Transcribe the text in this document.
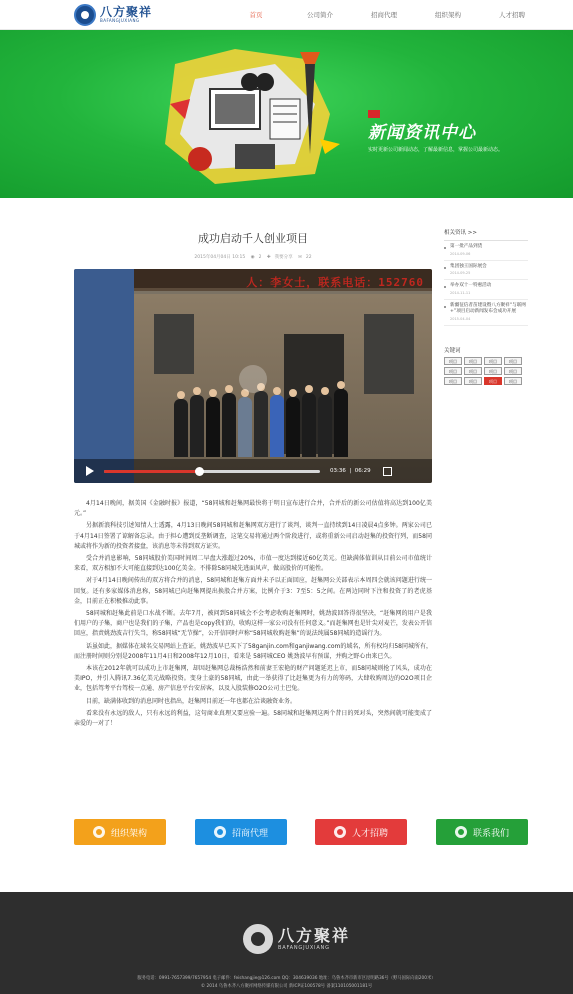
八方聚祥
BAFANGJUXIANG
首页	公司简介	招商代理	组织架构	人才招聘
新闻资讯中心
实时更新公司新闻动态，了解最新信息，掌握公司最新动态。
成功启动千人创业项目
2015年04月04日 10:15 ◉ 2 ✚ 我要分享 ✉ 22
人：李女士，联系电话：152760
03:36  |  06:29

4月14日晚间，据美国《金融时报》报道，“58同城和赶集网最快将于明日宣布进行合并，合并后的新公司估值将高达到100亿美元。”

另据新浪科技引述知情人士透露，4月13日晚间58同城和赶集网双方进行了谈判，谈判一直持续到14日凌晨4点多钟。两家公司已于4月14日签署了谅解备忘录。由于担心遭到反垄断调查，这笔交易将通过两个阶段进行，或将重新公司启动赶集的投资行列，而58同城或将作为新的投资者接盘，该消息等未得到双方证实。

受合并消息影响，58同城股价美国时间周二早盘大涨超过20%，市值一度达到接近60亿美元。但缺满体值训从目前公司市值统计来看，双方相加不大可能直接到达100亿美金。不排除58同城先逃面风声，做高股价的可能性。

对于4月14日晚间传出的双方将合并的消息，58同城和赶集方面并未予以正面回应，赶集网公关部表示本周四会就该问题进行统一回复。还有多家媒体消息称，58同城已向赶集网提出换股合并方案，比例介于3：7至5：5之间。在两边同时下注和投资了的老虎基金，目前正在积极推动此事。

58同城和赶集此前是口水战不断。去年7月，被问到58同城会不会考虑收购赶集网时，姚劲波回答得很坚决，“赶集网的用户是我们用户的子集，商户也是我们的子集，产品也是copy我们的，收购这样一家公司没有任何意义。”而赶集网也是针尖对麦芒，发表公开信回应，指责姚劲波吉行失当，称58同城“无节操”，公开信同时声称“58同城收购赶集”的说法纯属58同城的造谣行为。

话虽如此，据媒体在域名交易网站上查证，姚劲波早已买下了58ganjin.com和ganjiwang.com的域名，所有权均归58同城所有，而注册时间则分别是2008年11月4日和2008年12月10日，看来是 58同城CEO 姚劲波早有预谋，并购之野心由来已久。

本该在2012年就可以成功上市赶集网，却因赶集网总裁杨浩然和前妻王宏艳的财产问题延迟上市，而58同城则抢了风头，成功在美IPO，并引入腾讯7.36亿美元战略投资。变身土豪的58同城，由此一举获得了比赶集更为有力的筹码，大肆收购周边的O2O项目企业，包括驾考平台驾校一点通、房产信息平台安居客，以及入股装修O2O公司土巴兔。

目前，缺满体收到的消息同时也指出，赶集网目前还一年也都在洽谈融资业务。

看来没有永远的敌人，只有永远的利益，这句商业真理又要应验一遍。58同城和赶集网这两个昔日的死对头，突然间就可能变成了亲爱的一对了！

相关资讯 >>
第一批产品到货
2014-09-06
集团独王国际展会
2014-09-25
举办双十一特惠活动
2014-11-11
新疆征信者苗建设暨八方聚祥“与联网+”项目启动新闻发布会成功开展
2015-04-04
关键词
项目	项目	项目	项目
项目	项目	项目	项目
项目	项目	项目	项目
组织架构	招商代理	人才招聘	联系我们
八方聚祥
BAFANGJUXIANG
服务电话：0991-7657399/7657954 电子邮件：feishangjie@126.com QQ：304639036 地址：乌鲁木齐市新市区昆明路36号（野马国际向南200米）
© 2014 乌鲁木齐八方聚祥网络传媒有限公司 新ICP证100578号 备案110105001181号
